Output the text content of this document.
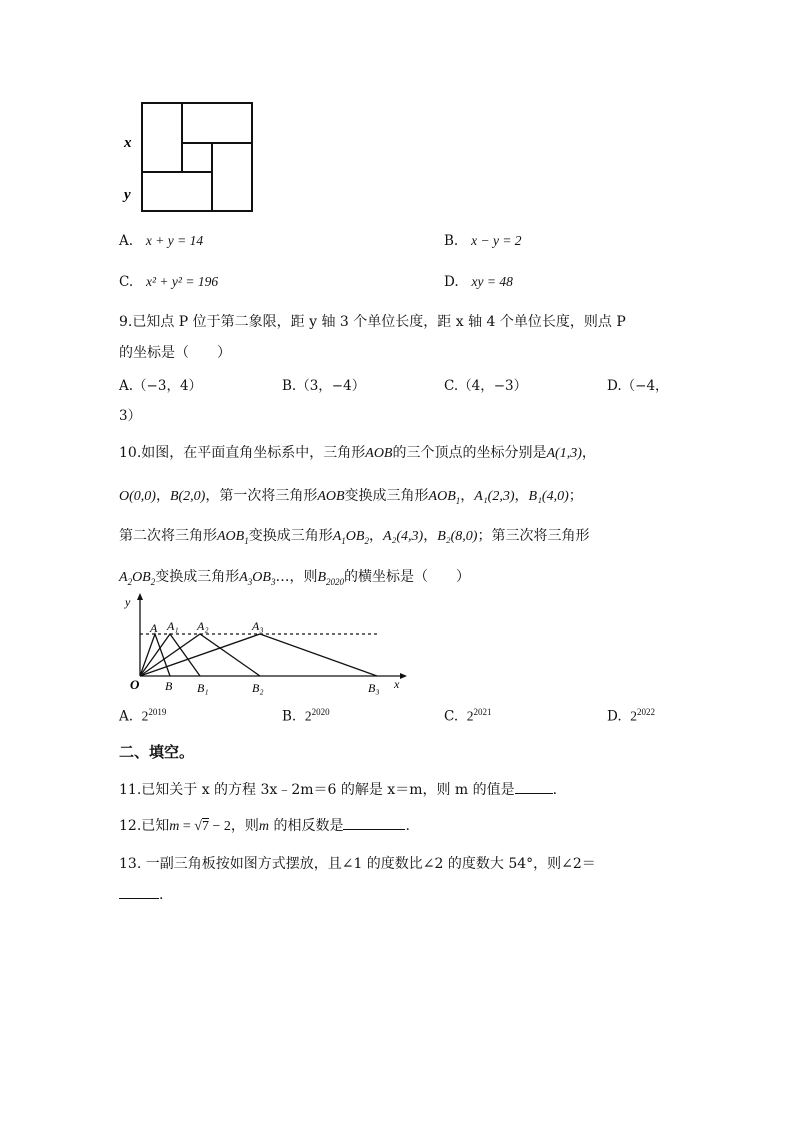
x
y
A. x + y = 14	B. x − y = 2
C. x² + y² = 196	D. xy = 48
9.已知点 P 位于第二象限，距 y 轴 3 个单位长度，距 x 轴 4 个单位长度，则点 P
的坐标是（　　）
A.（−3，4）	B.（3，−4）	C.（4，−3）	D.（−4，
3）
10.如图，在平面直角坐标系中，三角形AOB的三个顶点的坐标分别是A(1,3)，
O(0,0)，B(2,0)，第一次将三角形AOB变换成三角形$AOB_1$，A₁(2,3)，B₁(4,0)；
第二次将三角形$AOB_1$变换成三角形$A_1OB_2$，A₂(4,3)，B₂(8,0)；第三次将三角形
$A_2OB_2$变换成三角形$A_3OB_3\dots$，则$B_{2020}$的横坐标是（　　）
y
x
O
A A₁ A₂	A₃
B B₁	B₂	B₃
A. $2^{2019}$	B. $2^{2020}$	C. $2^{2021}$	D. $2^{2022}$
二、填空。
11.已知关于 x 的方程 3x﹣2m＝6 的解是 x＝m，则 m 的值是	.
12.已知m = √7 − 2，则m 的相反数是	.
13. 一副三角板按如图方式摆放，且∠1 的度数比∠2 的度数大 54°，则∠2＝
.
